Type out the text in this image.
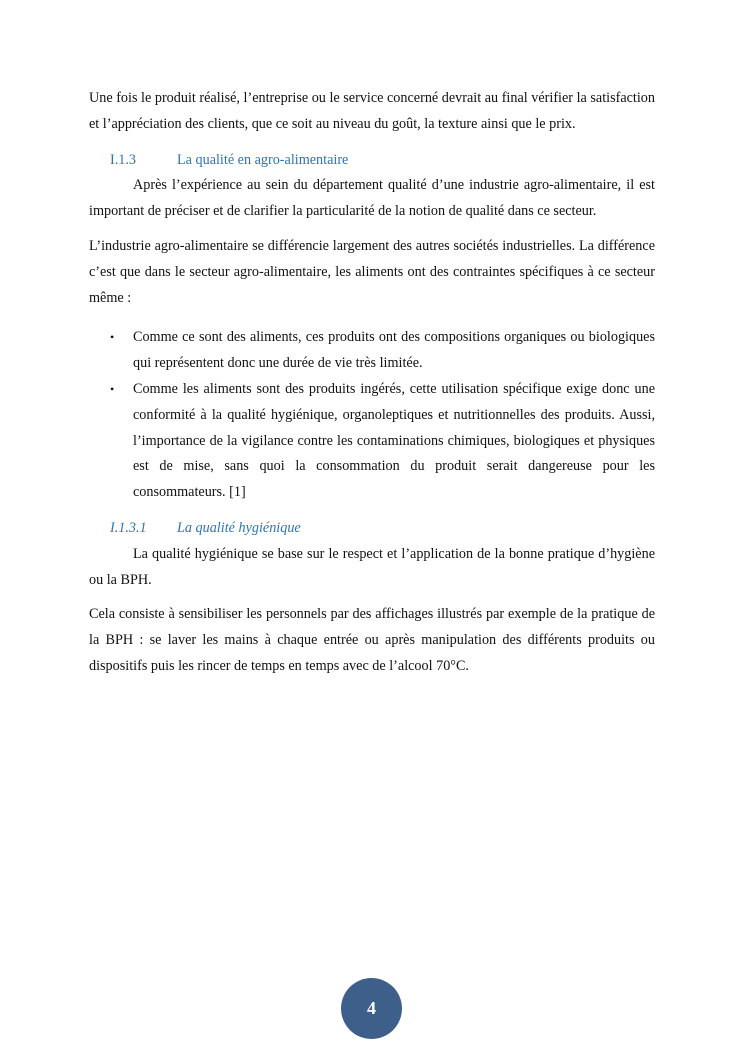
Une fois le produit réalisé, l’entreprise ou le service concerné devrait au final vérifier la satisfaction et l’appréciation des clients, que ce soit au niveau du goût, la texture ainsi que le prix.

I.1.3	La qualité en agro-alimentaire

Après l’expérience au sein du département qualité d’une industrie agro-alimentaire, il est important de préciser et de clarifier la particularité de la notion de qualité dans ce secteur.

L’industrie agro-alimentaire se différencie largement des autres sociétés industrielles. La différence c’est que dans le secteur agro-alimentaire, les aliments ont des contraintes spécifiques à ce secteur même :

• Comme ce sont des aliments, ces produits ont des compositions organiques ou biologiques qui représentent donc une durée de vie très limitée.
• Comme les aliments sont des produits ingérés, cette utilisation spécifique exige donc une conformité à la qualité hygiénique, organoleptiques et nutritionnelles des produits. Aussi, l’importance de la vigilance contre les contaminations chimiques, biologiques et physiques est de mise, sans quoi la consommation du produit serait dangereuse pour les consommateurs. [1]
I.1.3.1	La qualité hygiénique

La qualité hygiénique se base sur le respect et l’application de la bonne pratique d’hygiène ou la BPH.

Cela consiste à sensibiliser les personnels par des affichages illustrés par exemple de la pratique de la BPH : se laver les mains à chaque entrée ou après manipulation des différents produits ou dispositifs puis les rincer de temps en temps avec de l’alcool 70°C.

4
